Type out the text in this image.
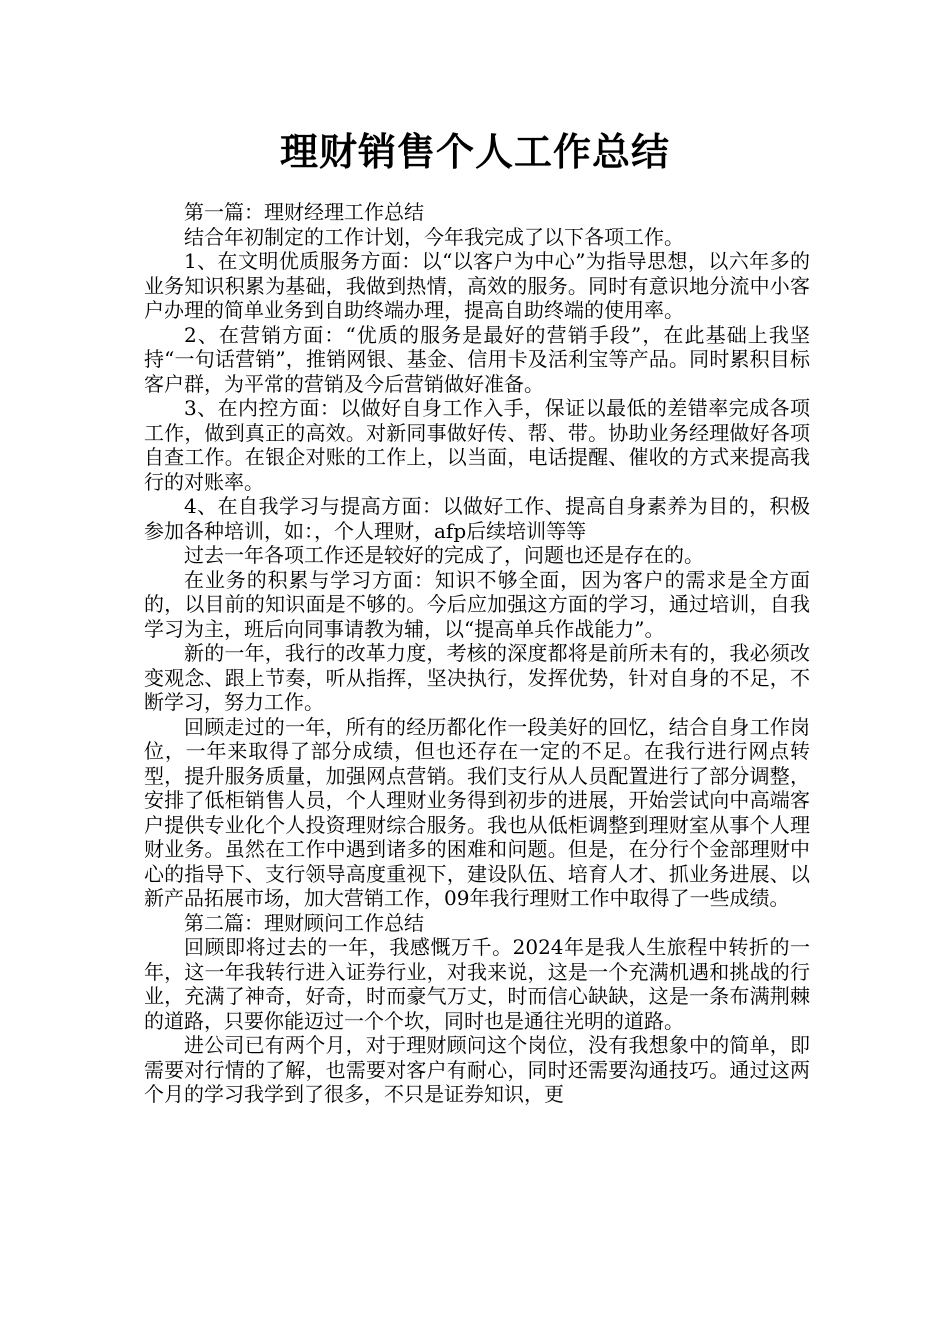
理财销售个人工作总结

第一篇：理财经理工作总结

结合年初制定的工作计划，今年我完成了以下各项工作。

1、在文明优质服务方面：以“以客户为中心”为指导思想，以六年多的业务知识积累为基础，我做到热情，高效的服务。同时有意识地分流中小客户办理的简单业务到自助终端办理，提高自助终端的使用率。

2、在营销方面：“优质的服务是最好的营销手段”，在此基础上我坚持“一句话营销”，推销网银、基金、信用卡及活利宝等产品。同时累积目标客户群，为平常的营销及今后营销做好准备。

3、在内控方面：以做好自身工作入手，保证以最低的差错率完成各项工作，做到真正的高效。对新同事做好传、帮、带。协助业务经理做好各项自查工作。在银企对账的工作上，以当面，电话提醒、催收的方式来提高我行的对账率。

4、在自我学习与提高方面：以做好工作、提高自身素养为目的，积极参加各种培训，如：，个人理财，afp后续培训等等

过去一年各项工作还是较好的完成了，问题也还是存在的。

在业务的积累与学习方面：知识不够全面，因为客户的需求是全方面的，以目前的知识面是不够的。今后应加强这方面的学习，通过培训，自我学习为主，班后向同事请教为辅，以“提高单兵作战能力”。

新的一年，我行的改革力度，考核的深度都将是前所未有的，我必须改变观念、跟上节奏，听从指挥，坚决执行，发挥优势，针对自身的不足，不断学习，努力工作。

回顾走过的一年，所有的经历都化作一段美好的回忆，结合自身工作岗位，一年来取得了部分成绩，但也还存在一定的不足。在我行进行网点转型，提升服务质量，加强网点营销。我们支行从人员配置进行了部分调整，安排了低柜销售人员，个人理财业务得到初步的进展，开始尝试向中高端客户提供专业化个人投资理财综合服务。我也从低柜调整到理财室从事个人理财业务。虽然在工作中遇到诸多的困难和问题。但是，在分行个金部理财中心的指导下、支行领导高度重视下，建设队伍、培育人才、抓业务进展、以新产品拓展市场，加大营销工作，09年我行理财工作中取得了一些成绩。

第二篇：理财顾问工作总结

回顾即将过去的一年，我感慨万千。2024年是我人生旅程中转折的一年，这一年我转行进入证券行业，对我来说，这是一个充满机遇和挑战的行业，充满了神奇，好奇，时而豪气万丈，时而信心缺缺，这是一条布满荆棘的道路，只要你能迈过一个个坎，同时也是通往光明的道路。

进公司已有两个月，对于理财顾问这个岗位，没有我想象中的简单，即需要对行情的了解，也需要对客户有耐心，同时还需要沟通技巧。通过这两个月的学习我学到了很多，不只是证券知识，更
